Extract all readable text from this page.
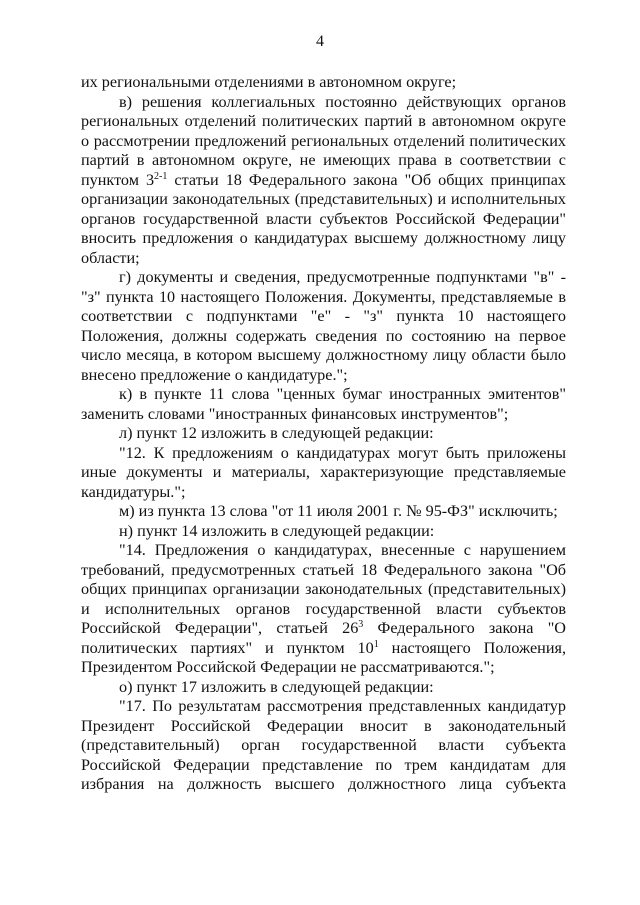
4

их региональными отделениями в автономном округе;

в) решения коллегиальных постоянно действующих органов региональных отделений политических партий в автономном округе о рассмотрении предложений региональных отделений политических партий в автономном округе, не имеющих права в соответствии с пунктом 3$^{2-1}$ статьи 18 Федерального закона "Об общих принципах организации законодательных (представительных) и исполнительных органов государственной власти субъектов Российской Федерации" вносить предложения о кандидатурах высшему должностному лицу области;

г) документы и сведения, предусмотренные подпунктами "в" - "з" пункта 10 настоящего Положения. Документы, представляемые в соответствии с подпунктами "е" - "з" пункта 10 настоящего Положения, должны содержать сведения по состоянию на первое число месяца, в котором высшему должностному лицу области было внесено предложение о кандидатуре.";

к) в пункте 11 слова "ценных бумаг иностранных эмитентов" заменить словами "иностранных финансовых инструментов";

л) пункт 12 изложить в следующей редакции:

"12. К предложениям о кандидатурах могут быть приложены иные документы и материалы, характеризующие представляемые кандидатуры.";

м) из пункта 13 слова "от 11 июля 2001 г. № 95-ФЗ" исключить;

н) пункт 14 изложить в следующей редакции:

"14. Предложения о кандидатурах, внесенные с нарушением требований, предусмотренных статьей 18 Федерального закона "Об общих принципах организации законодательных (представительных) и исполнительных органов государственной власти субъектов Российской Федерации", статьей $26^3$ Федерального закона "О политических партиях" и пунктом $10^1$ настоящего Положения, Президентом Российской Федерации не рассматриваются.";

о) пункт 17 изложить в следующей редакции:

"17. По результатам рассмотрения представленных кандидатур Президент Российской Федерации вносит в законодательный (представительный) орган государственной власти субъекта Российской Федерации представление по трем кандидатам для избрания на должность высшего должностного лица субъекта
